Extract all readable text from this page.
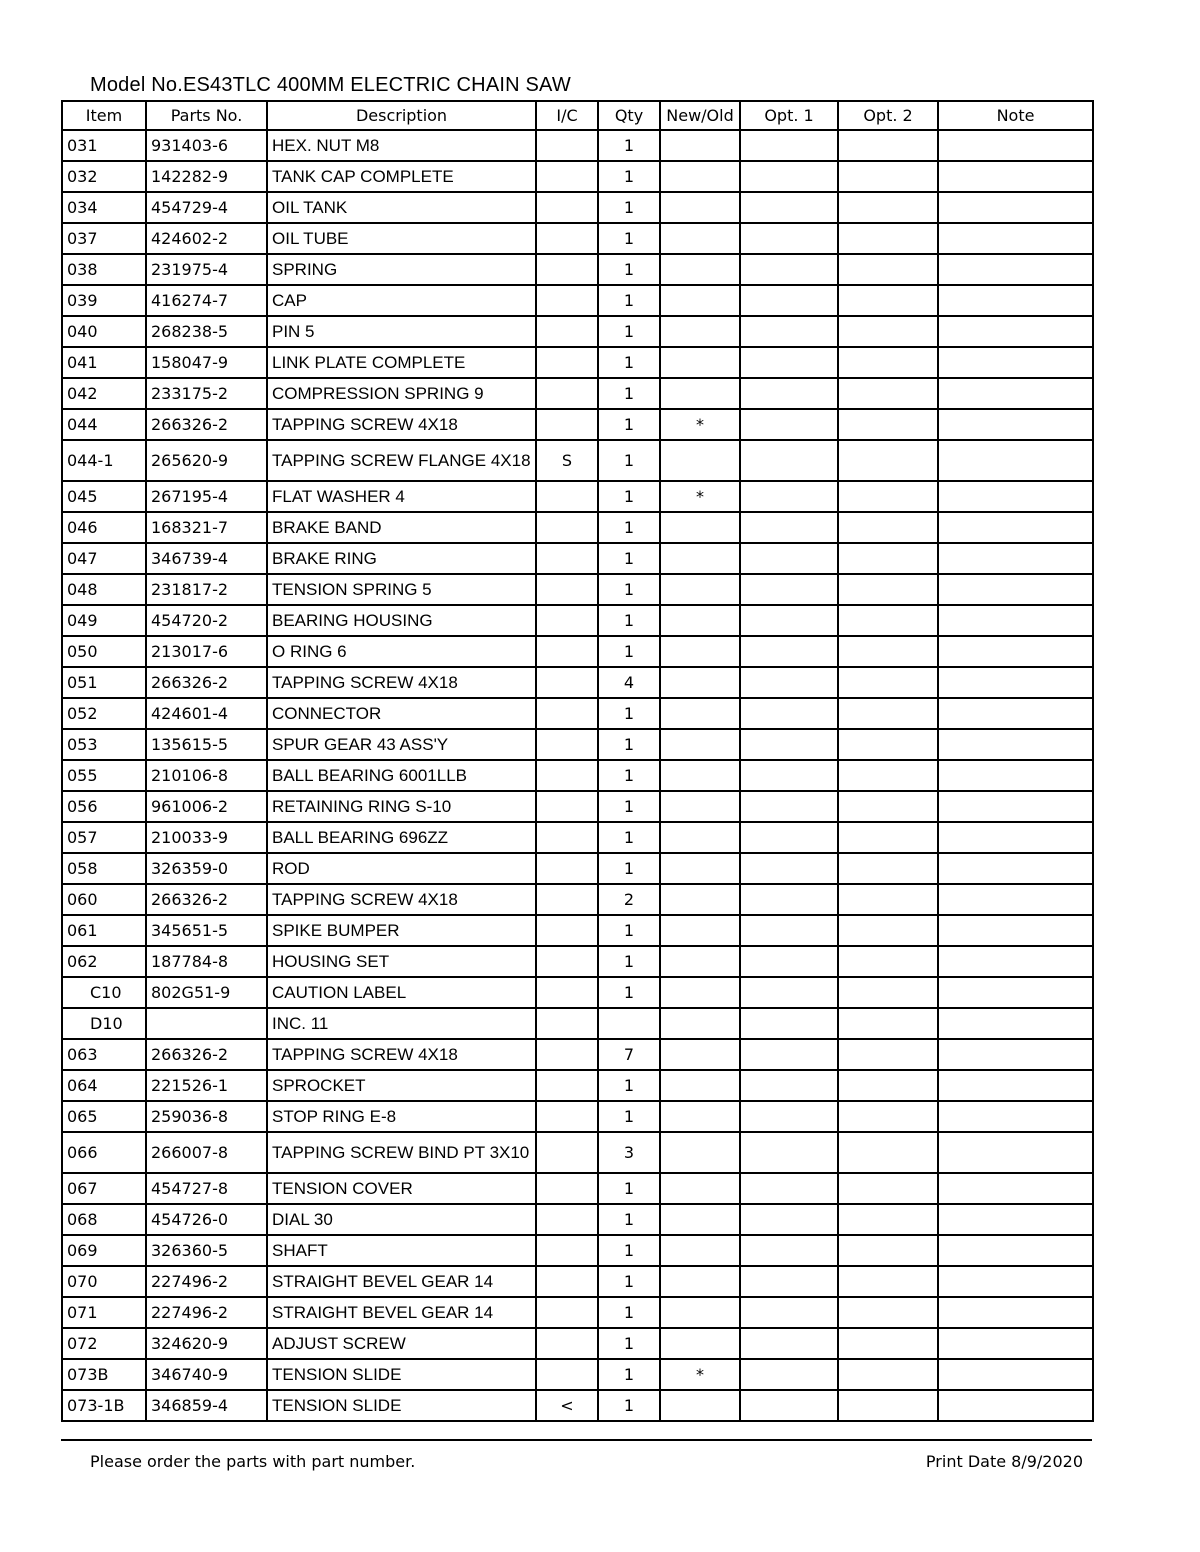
Model No.ES43TLC 400MM ELECTRIC CHAIN SAW
Item	Parts No.	Description	I/C	Qty	New/Old	Opt. 1	Opt. 2	Note
031	931403-6	HEX. NUT M8		1				
032	142282-9	TANK CAP COMPLETE		1				
034	454729-4	OIL TANK		1				
037	424602-2	OIL TUBE		1				
038	231975-4	SPRING		1				
039	416274-7	CAP		1				
040	268238-5	PIN 5		1				
041	158047-9	LINK PLATE COMPLETE		1				
042	233175-2	COMPRESSION SPRING 9		1				
044	266326-2	TAPPING SCREW 4X18		1	*			
044-1	265620-9	TAPPING SCREW FLANGE 4X18	S	1				
045	267195-4	FLAT WASHER 4		1	*			
046	168321-7	BRAKE BAND		1				
047	346739-4	BRAKE RING		1				
048	231817-2	TENSION SPRING 5		1				
049	454720-2	BEARING HOUSING		1				
050	213017-6	O RING 6		1				
051	266326-2	TAPPING SCREW 4X18		4				
052	424601-4	CONNECTOR		1				
053	135615-5	SPUR GEAR 43 ASS'Y		1				
055	210106-8	BALL BEARING 6001LLB		1				
056	961006-2	RETAINING RING S-10		1				
057	210033-9	BALL BEARING 696ZZ		1				
058	326359-0	ROD		1				
060	266326-2	TAPPING SCREW 4X18		2				
061	345651-5	SPIKE BUMPER		1				
062	187784-8	HOUSING SET		1				
C10	802G51-9	CAUTION LABEL		1				
D10		INC. 11						
063	266326-2	TAPPING SCREW 4X18		7				
064	221526-1	SPROCKET		1				
065	259036-8	STOP RING E-8		1				
066	266007-8	TAPPING SCREW BIND PT 3X10		3				
067	454727-8	TENSION COVER		1				
068	454726-0	DIAL 30		1				
069	326360-5	SHAFT		1				
070	227496-2	STRAIGHT BEVEL GEAR 14		1				
071	227496-2	STRAIGHT BEVEL GEAR 14		1				
072	324620-9	ADJUST SCREW		1				
073B	346740-9	TENSION SLIDE		1	*			
073-1B	346859-4	TENSION SLIDE	<	1				
Please order the parts with part number.	Print Date 8/9/2020
